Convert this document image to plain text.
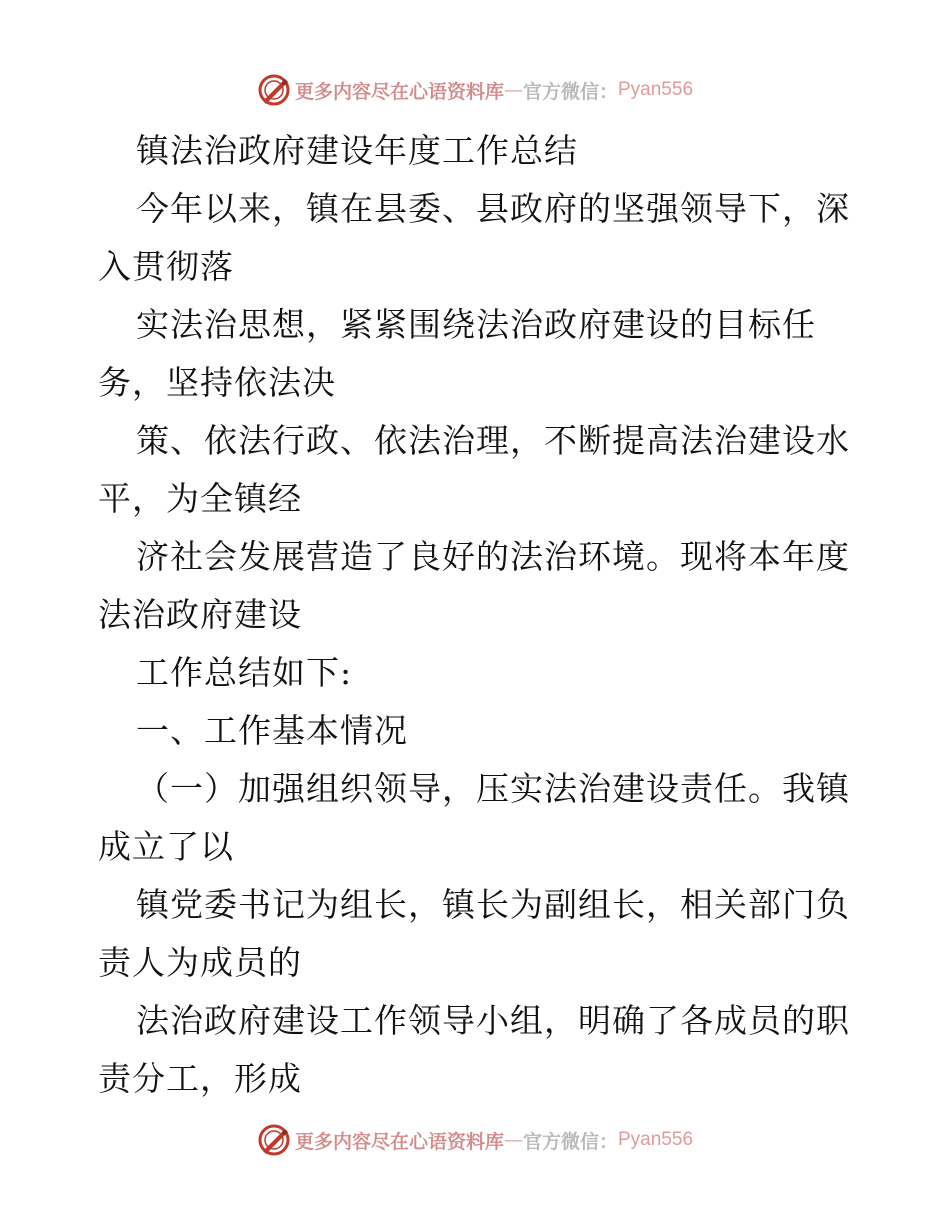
更多内容尽在心语资料库 — 官方微信： Pyan556
镇法治政府建设年度工作总结
今年以来，镇在县委、县政府的坚强领导下，深
入贯彻落
实法治思想，紧紧围绕法治政府建设的目标任
务，坚持依法决
策、依法行政、依法治理，不断提高法治建设水
平，为全镇经
济社会发展营造了良好的法治环境。现将本年度
法治政府建设
工作总结如下:
一、工作基本情况
（一）加强组织领导，压实法治建设责任。我镇
成立了以
镇党委书记为组长，镇长为副组长，相关部门负
责人为成员的
法治政府建设工作领导小组，明确了各成员的职
责分工，形成
更多内容尽在心语资料库 — 官方微信： Pyan556
